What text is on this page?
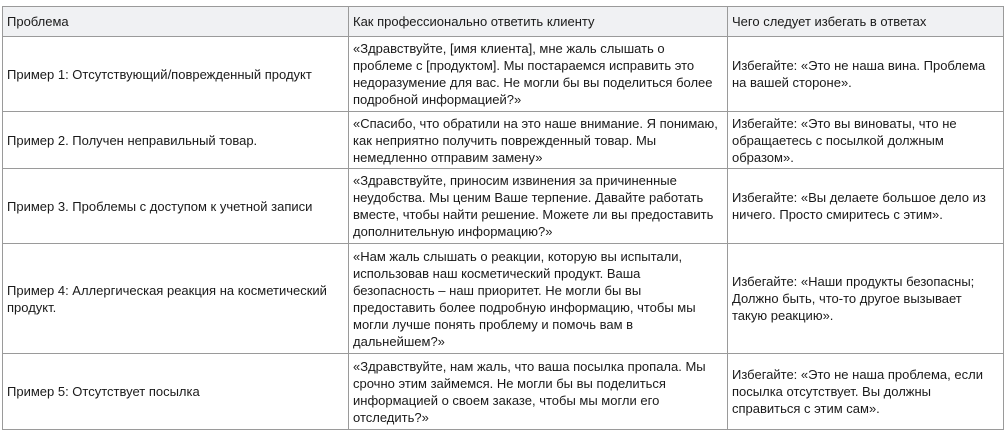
Проблема	Как профессионально ответить клиенту	Чего следует избегать в ответах
Пример 1: Отсутствующий/поврежденный продукт	«Здравствуйте, [имя клиента], мне жаль слышать о проблеме с [продуктом]. Мы постараемся исправить это недоразумение для вас. Не могли бы вы поделиться более подробной информацией?»	Избегайте: «Это не наша вина. Проблема на вашей стороне».
Пример 2. Получен неправильный товар.	«Спасибо, что обратили на это наше внимание. Я понимаю, как неприятно получить поврежденный товар. Мы немедленно отправим замену»	Избегайте: «Это вы виноваты, что не обращаетесь с посылкой должным образом».
Пример 3. Проблемы с доступом к учетной записи	«Здравствуйте, приносим извинения за причиненные неудобства. Мы ценим Ваше терпение. Давайте работать вместе, чтобы найти решение. Можете ли вы предоставить дополнительную информацию?»	Избегайте: «Вы делаете большое дело из ничего. Просто смиритесь с этим».
Пример 4: Аллергическая реакция на косметический продукт.	«Нам жаль слышать о реакции, которую вы испытали, использовав наш косметический продукт. Ваша безопасность – наш приоритет. Не могли бы вы предоставить более подробную информацию, чтобы мы могли лучше понять проблему и помочь вам в дальнейшем?»	Избегайте: «Наши продукты безопасны; Должно быть, что-то другое вызывает такую реакцию».
Пример 5: Отсутствует посылка	«Здравствуйте, нам жаль, что ваша посылка пропала. Мы срочно этим займемся. Не могли бы вы поделиться информацией о своем заказе, чтобы мы могли его отследить?»	Избегайте: «Это не наша проблема, если посылка отсутствует. Вы должны справиться с этим сам».
